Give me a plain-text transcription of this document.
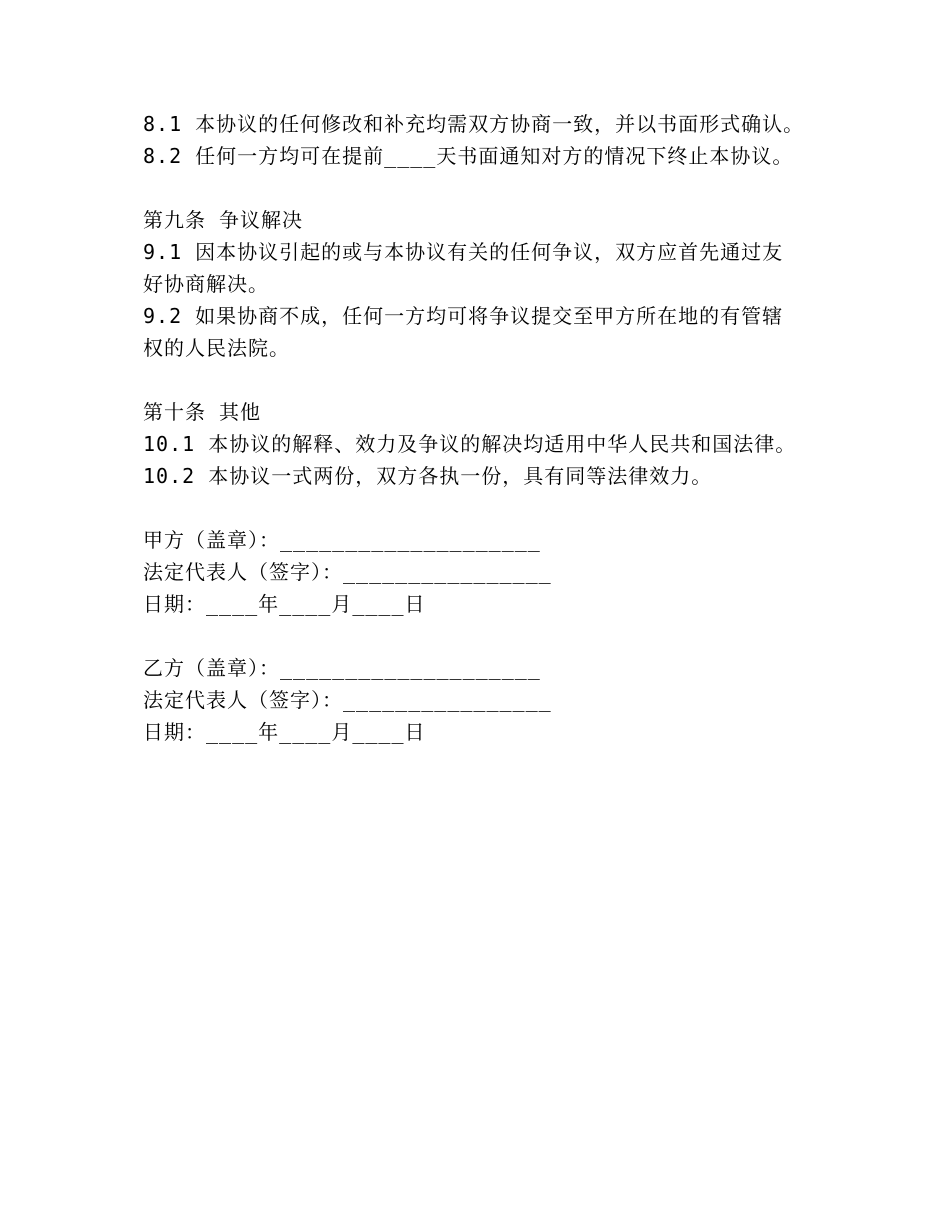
8.1 本协议的任何修改和补充均需双方协商一致，并以书面形式确认。
8.2 任何一方均可在提前____天书面通知对方的情况下终止本协议。
第九条 争议解决
9.1 因本协议引起的或与本协议有关的任何争议，双方应首先通过友
好协商解决。
9.2 如果协商不成，任何一方均可将争议提交至甲方所在地的有管辖
权的人民法院。
第十条 其他
10.1 本协议的解释、效力及争议的解决均适用中华人民共和国法律。
10.2 本协议一式两份，双方各执一份，具有同等法律效力。
甲方（盖章）：____________________
法定代表人（签字）：________________
日期：____年____月____日
乙方（盖章）：____________________
法定代表人（签字）：________________
日期：____年____月____日
